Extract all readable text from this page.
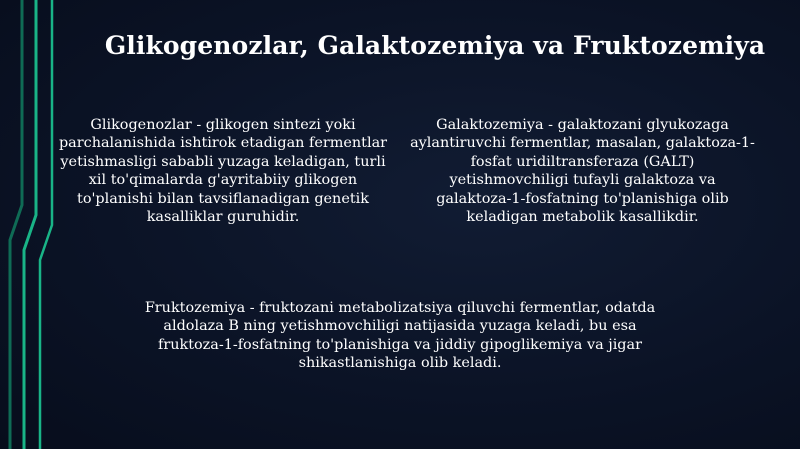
Glikogenozlar, Galaktozemiya va Fruktozemiya
Glikogenozlar - glikogen sintezi yoki parchalanishida ishtirok etadigan fermentlar yetishmasligi sababli yuzaga keladigan, turli xil to'qimalarda g'ayritabiiy glikogen to'planishi bilan tavsiflanadigan genetik kasalliklar guruhidir.
Galaktozemiya - galaktozani glyukozaga aylantiruvchi fermentlar, masalan, galaktoza-1-fosfat uridiltransferaza (GALT) yetishmovchiligi tufayli galaktoza va galaktoza-1-fosfatning to'planishiga olib keladigan metabolik kasallikdir.
Fruktozemiya - fruktozani metabolizatsiya qiluvchi fermentlar, odatda aldolaza B ning yetishmovchiligi natijasida yuzaga keladi, bu esa fruktoza-1-fosfatning to'planishiga va jiddiy gipoglikemiya va jigar shikastlanishiga olib keladi.
